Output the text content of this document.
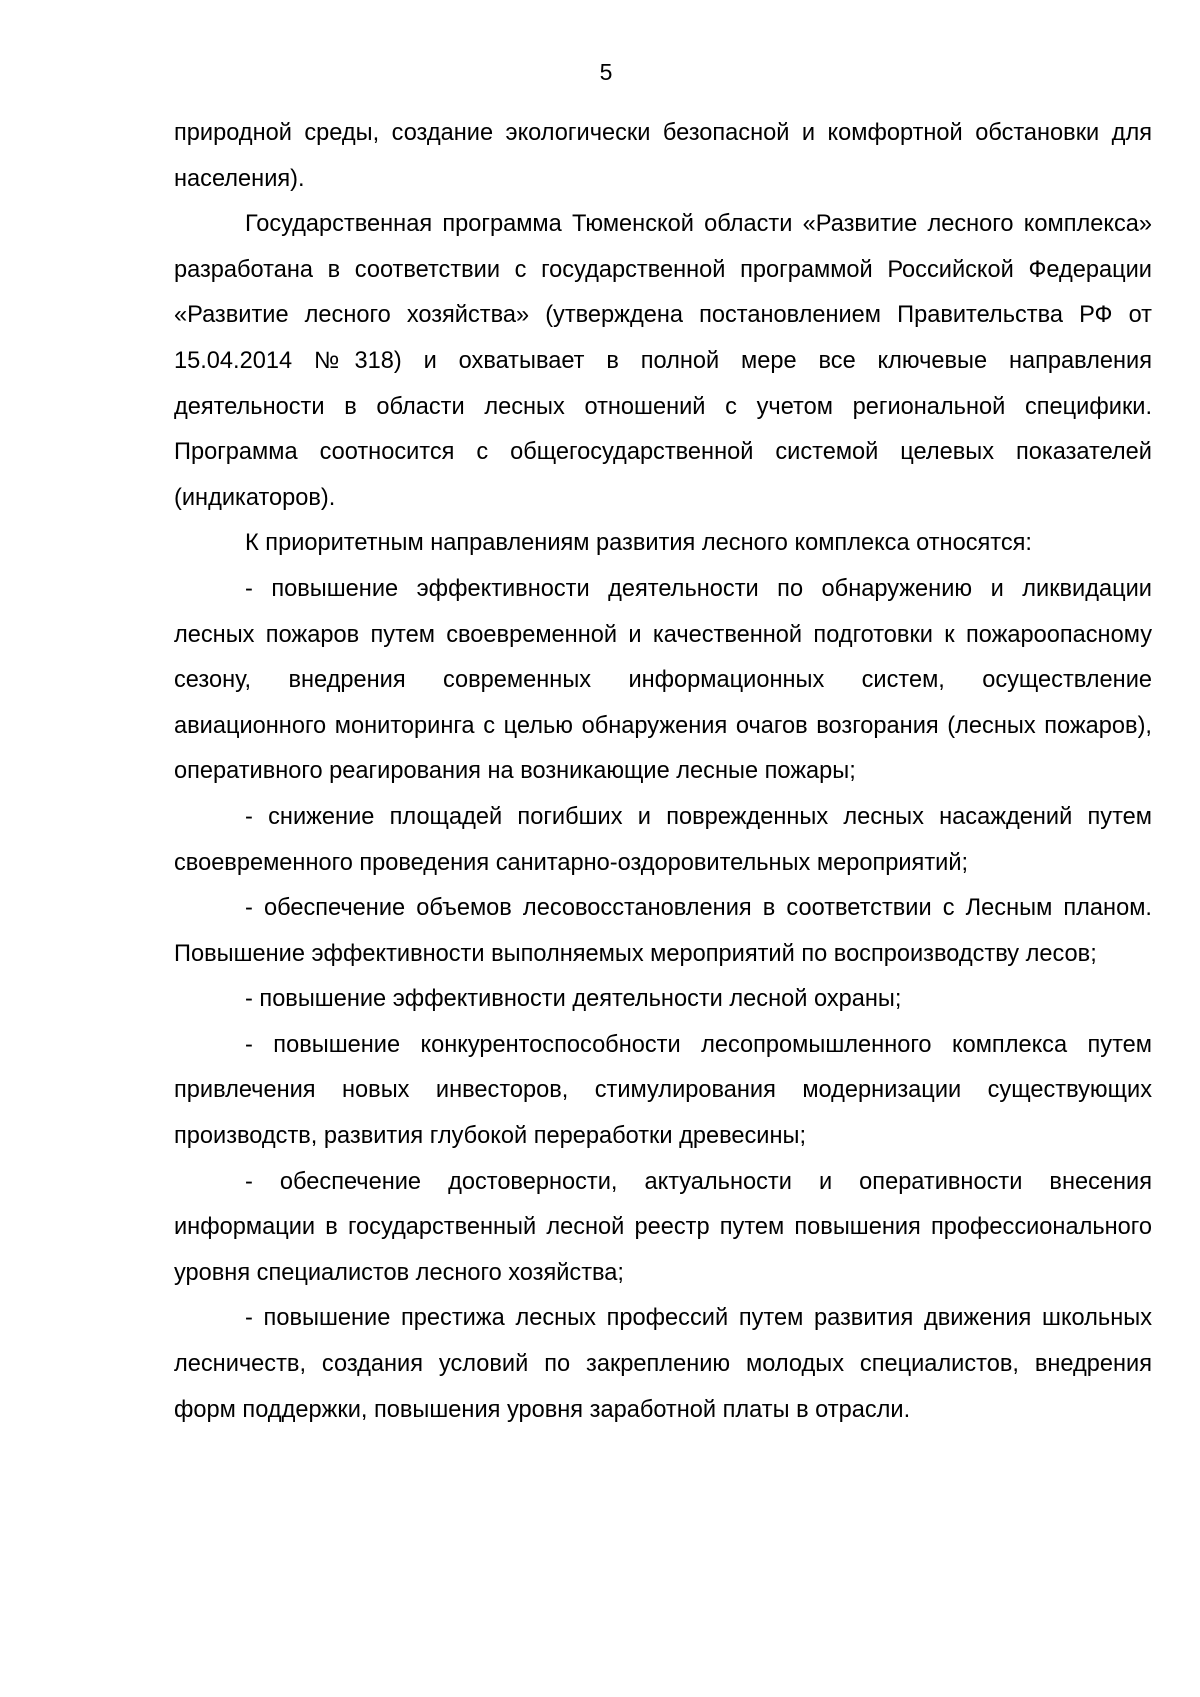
5

природной среды, создание экологически безопасной и комфортной обстановки для населения).

Государственная программа Тюменской области «Развитие лесного комплекса» разработана в соответствии с государственной программой Российской Федерации «Развитие лесного хозяйства» (утверждена постановлением Правительства РФ от 15.04.2014 №318) и охватывает в полной мере все ключевые направления деятельности в области лесных отношений с учетом региональной специфики. Программа соотносится с общегосударственной системой целевых показателей (индикаторов).

К приоритетным направлениям развития лесного комплекса относятся:

- повышение эффективности деятельности по обнаружению и ликвидации лесных пожаров путем своевременной и качественной подготовки к пожароопасному сезону, внедрения современных информационных систем, осуществление авиационного мониторинга с целью обнаружения очагов возгорания (лесных пожаров), оперативного реагирования на возникающие лесные пожары;

- снижение площадей погибших и поврежденных лесных насаждений путем своевременного проведения санитарно-оздоровительных мероприятий;

- обеспечение объемов лесовосстановления в соответствии с Лесным планом. Повышение эффективности выполняемых мероприятий по воспроизводству лесов;

- повышение эффективности деятельности лесной охраны;

- повышение конкурентоспособности лесопромышленного комплекса путем привлечения новых инвесторов, стимулирования модернизации существующих производств, развития глубокой переработки древесины;

- обеспечение достоверности, актуальности и оперативности внесения информации в государственный лесной реестр путем повышения профессионального уровня специалистов лесного хозяйства;

- повышение престижа лесных профессий путем развития движения школьных лесничеств, создания условий по закреплению молодых специалистов, внедрения форм поддержки, повышения уровня заработной платы в отрасли.
